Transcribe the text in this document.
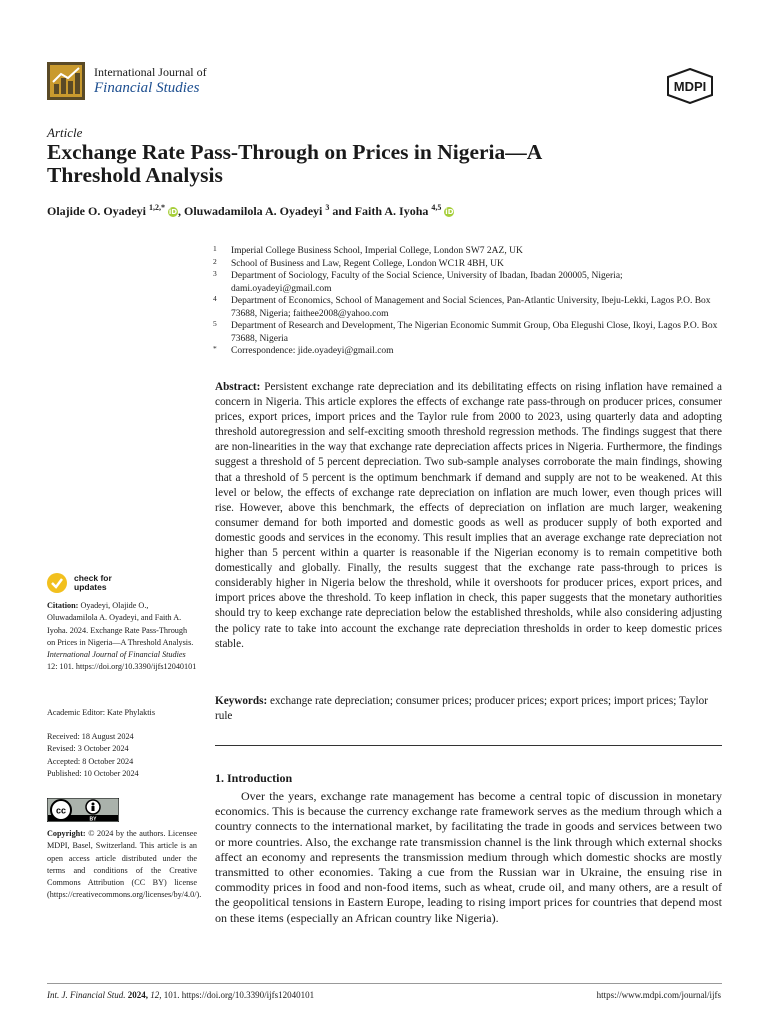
International Journal of
Financial Studies	MDPI
Article
Exchange Rate Pass-Through on Prices in Nigeria—A Threshold Analysis
Olajide O. Oyadeyi $^{1,2,*}$ iD, Oluwadamilola A. Oyadeyi $^3$ and Faith A. Iyoha $^{4,5}$ iD
1	Imperial College Business School, Imperial College, London SW7 2AZ, UK
2	School of Business and Law, Regent College, London WC1R 4BH, UK
3	Department of Sociology, Faculty of the Social Science, University of Ibadan, Ibadan 200005, Nigeria; dami.oyadeyi@gmail.com
4	Department of Economics, School of Management and Social Sciences, Pan-Atlantic University, Ibeju-Lekki, Lagos P.O. Box 73688, Nigeria; faithee2008@yahoo.com
5	Department of Research and Development, The Nigerian Economic Summit Group, Oba Elegushi Close, Ikoyi, Lagos P.O. Box 73688, Nigeria
*	Correspondence: jide.oyadeyi@gmail.com
Abstract: Persistent exchange rate depreciation and its debilitating effects on rising inflation have remained a concern in Nigeria. This article explores the effects of exchange rate pass-through on producer prices, consumer prices, export prices, import prices and the Taylor rule from 2000 to 2023, using quarterly data and adopting threshold autoregression and self-exciting smooth threshold regression methods. The findings suggest that there are non-linearities in the way that exchange rate depreciation affects prices in Nigeria. Furthermore, the findings suggest a threshold of 5 percent depreciation. Two sub-sample analyses corroborate the main findings, showing that a threshold of 5 percent is the optimum benchmark if demand and supply are not to be weakened. At this level or below, the effects of exchange rate depreciation on inflation are much lower, even though prices will rise. However, above this benchmark, the effects of depreciation on inflation are much larger, weakening consumer demand for both imported and domestic goods as well as producer supply of both exported and domestic goods and services in the economy. This result implies that an average exchange rate depreciation not higher than 5 percent within a quarter is reasonable if the Nigerian economy is to remain competitive both domestically and globally. Finally, the results suggest that the exchange rate pass-through to prices is considerably higher in Nigeria below the threshold, while it overshoots for producer prices, export prices, and import prices above the threshold. To keep inflation in check, this paper suggests that the monetary authorities should try to keep exchange rate depreciation below the established thresholds, while also considering adjusting the policy rate to take into account the exchange rate depreciation thresholds in order to keep domestic prices stable.
Keywords: exchange rate depreciation; consumer prices; producer prices; export prices; import prices; Taylor rule
check for
updates
Citation: Oyadeyi, Olajide O., Oluwadamilola A. Oyadeyi, and Faith A. Iyoha. 2024. Exchange Rate Pass-Through on Prices in Nigeria—A Threshold Analysis. International Journal of Financial Studies 12: 101. https://doi.org/10.3390/ijfs12040101
Academic Editor: Kate Phylaktis
Received: 18 August 2024
Revised: 3 October 2024
Accepted: 8 October 2024
Published: 10 October 2024
cc
BY
Copyright: © 2024 by the authors. Licensee MDPI, Basel, Switzerland. This article is an open access article distributed under the terms and conditions of the Creative Commons Attribution (CC BY) license (https://creativecommons.org/licenses/by/4.0/).
1. Introduction
Over the years, exchange rate management has become a central topic of discussion in monetary economics. This is because the currency exchange rate framework serves as the medium through which a country connects to the international market, by facilitating the trade in goods and services between two or more countries. Also, the exchange rate transmission channel is the link through which external shocks affect an economy and represents the transmission medium through which domestic shocks are mostly transmitted to other economies. Taking a cue from the Russian war in Ukraine, the ensuing rise in commodity prices in food and non-food items, such as wheat, crude oil, and many others, are a result of the geopolitical tensions in Eastern Europe, leading to rising import prices for countries that depend most on these items (especially an African country like Nigeria).
Int. J. Financial Stud. 2024, 12, 101. https://doi.org/10.3390/ijfs12040101	https://www.mdpi.com/journal/ijfs
